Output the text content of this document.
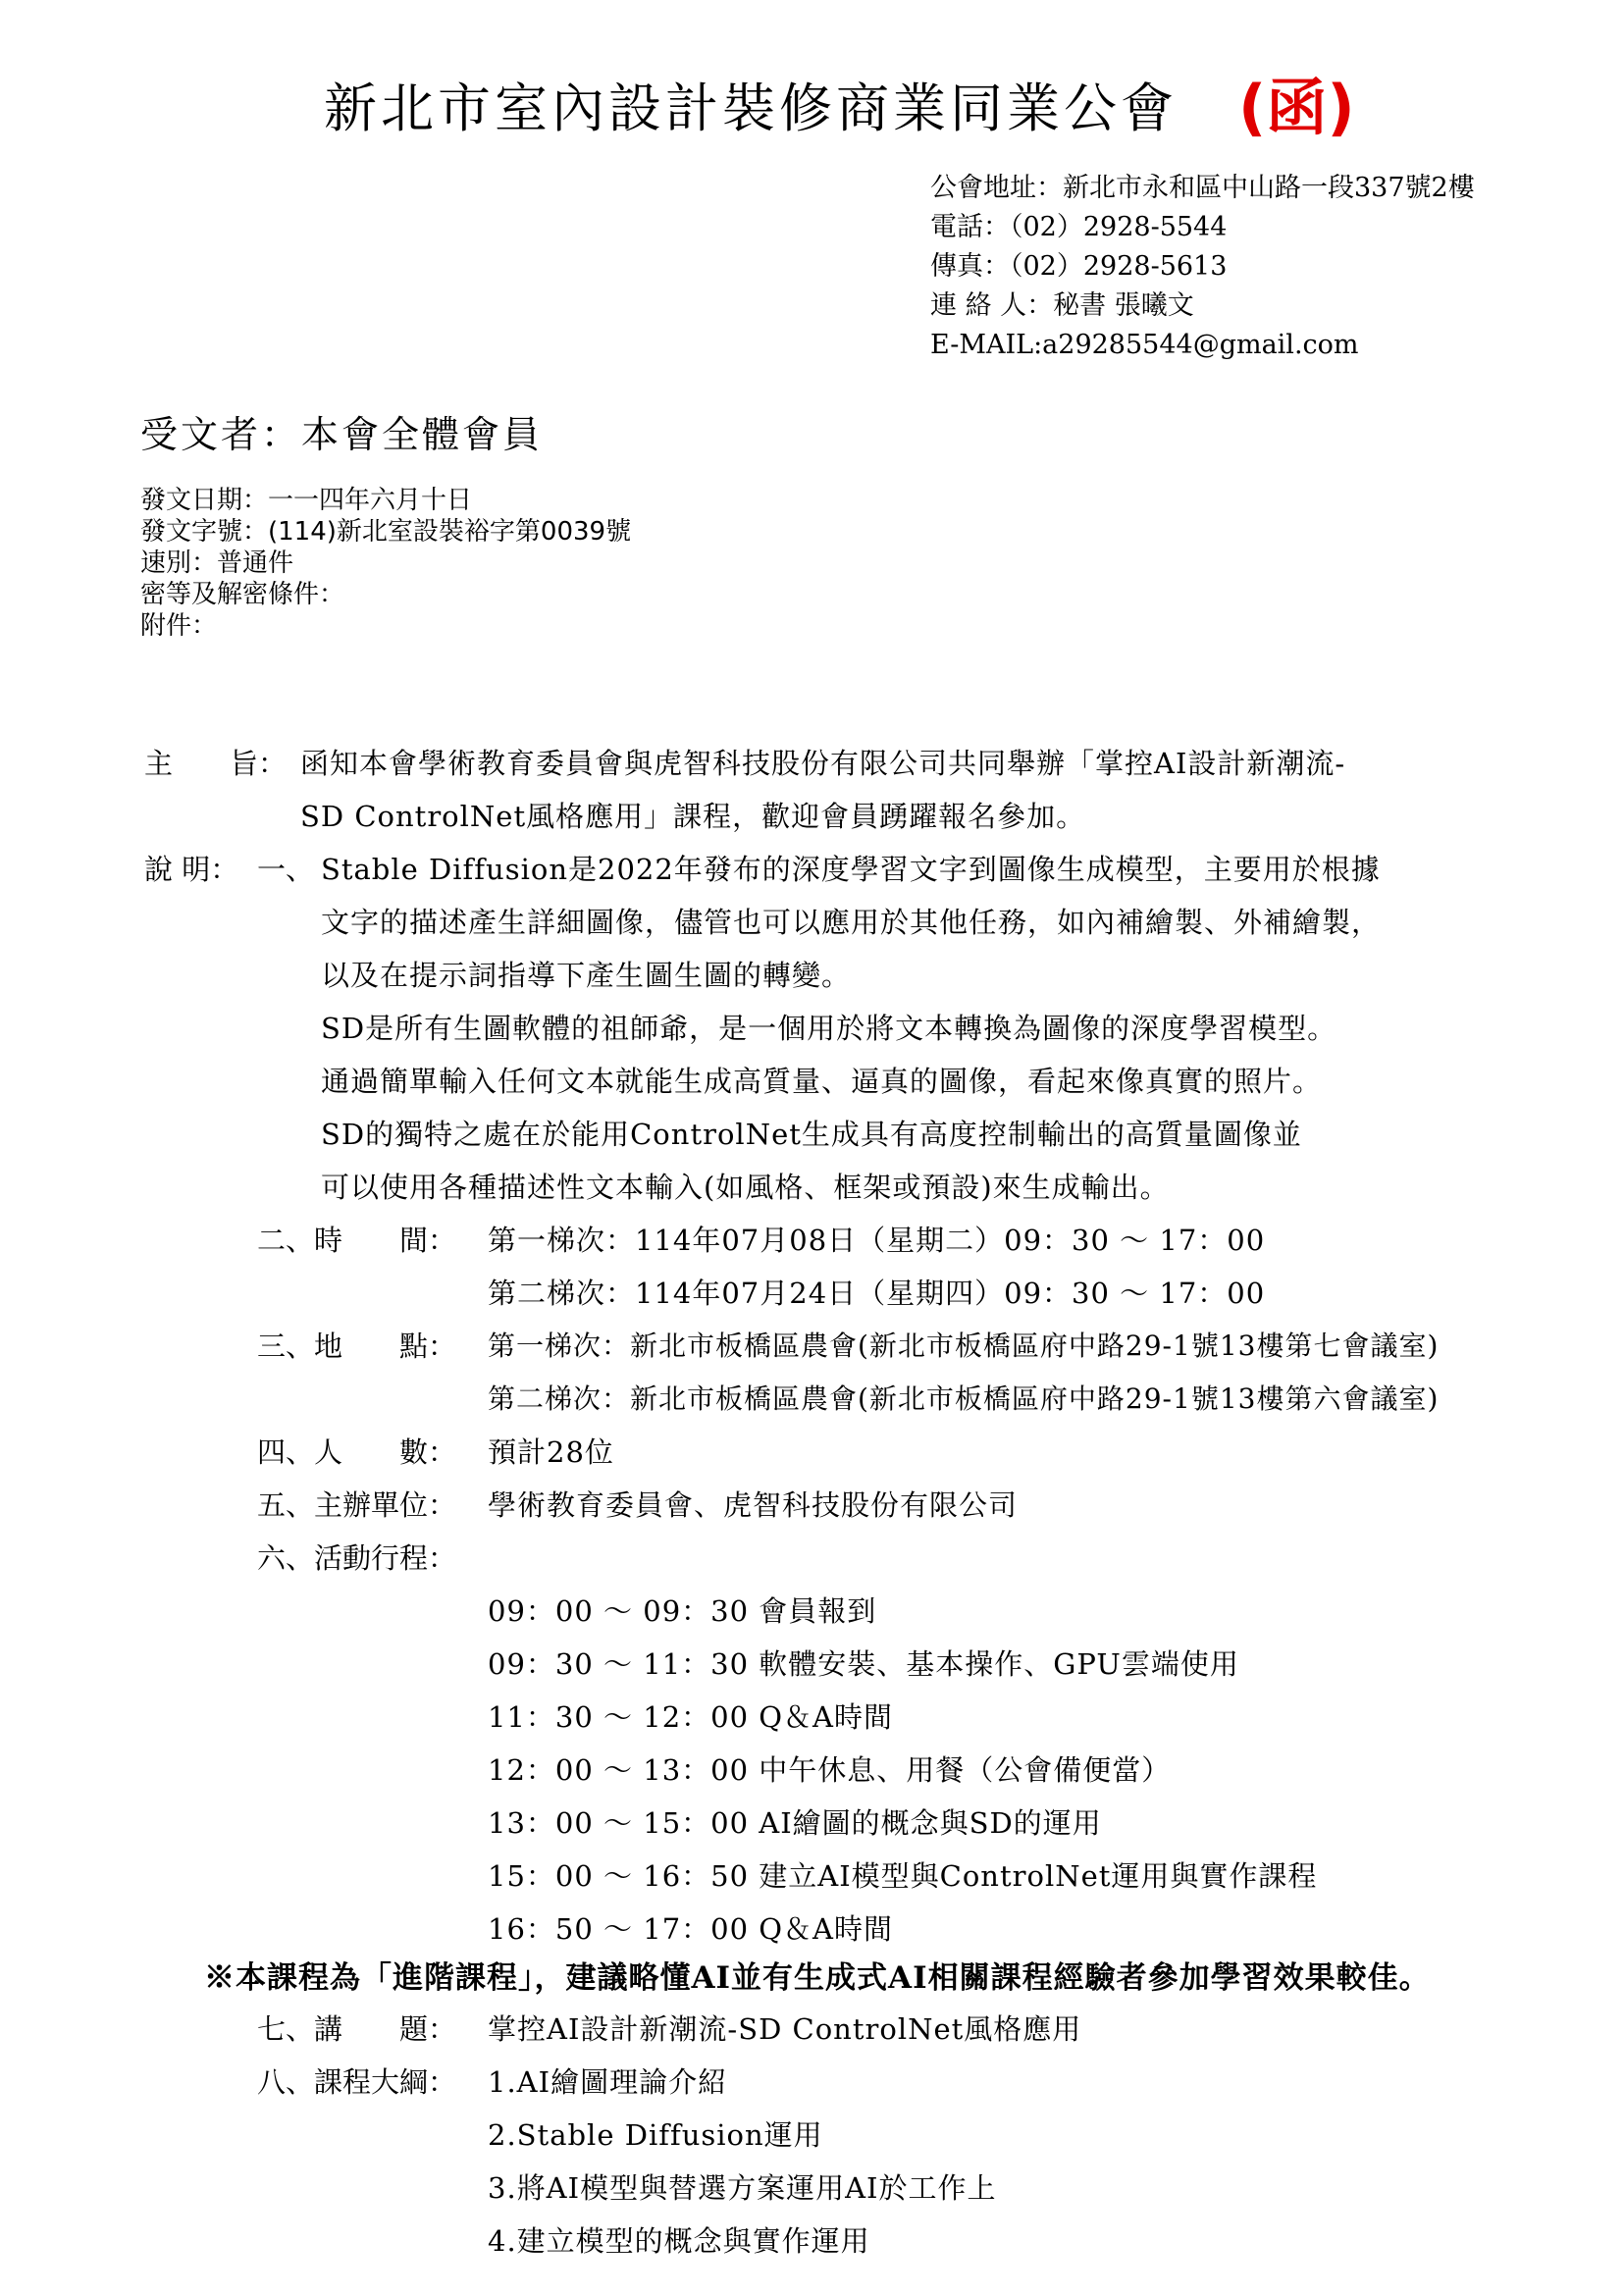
新北市室內設計裝修商業同業公會 (函)
公會地址：新北市永和區中山路一段337號2樓
電話：（02）2928-5544
傳真：（02）2928-5613
連 絡 人：秘書 張曦文
E-MAIL:a29285544@gmail.com
受文者：本會全體會員
發文日期：一一四年六月十日
發文字號：(114)新北室設裝裕字第0039號
速別：普通件
密等及解密條件：
附件：
主　　旨： 函知本會學術教育委員會與虎智科技股份有限公司共同舉辦「掌控AI設計新潮流-
SD ControlNet風格應用」課程，歡迎會員踴躍報名參加。
說 明： 一、 Stable Diffusion是2022年發布的深度學習文字到圖像生成模型，主要用於根據
文字的描述產生詳細圖像，儘管也可以應用於其他任務，如內補繪製、外補繪製，
以及在提示詞指導下產生圖生圖的轉變。
SD是所有生圖軟體的祖師爺，是一個用於將文本轉換為圖像的深度學習模型。
通過簡單輸入任何文本就能生成高質量、逼真的圖像，看起來像真實的照片。
SD的獨特之處在於能用ControlNet生成具有高度控制輸出的高質量圖像並
可以使用各種描述性文本輸入(如風格、框架或預設)來生成輸出。
二、時　　間： 第一梯次：114年07月08日（星期二）09：30 ～ 17：00
第二梯次：114年07月24日（星期四）09：30 ～ 17：00
三、地　　點： 第一梯次：新北市板橋區農會(新北市板橋區府中路29-1號13樓第七會議室)
第二梯次：新北市板橋區農會(新北市板橋區府中路29-1號13樓第六會議室)
四、人　　數： 預計28位
五、主辦單位： 學術教育委員會、虎智科技股份有限公司
六、活動行程：
09：00 ～ 09：30 會員報到
09：30 ～ 11：30 軟體安裝、基本操作、GPU雲端使用
11：30 ～ 12：00 Q＆A時間
12：00 ～ 13：00 中午休息、用餐（公會備便當）
13：00 ～ 15：00 AI繪圖的概念與SD的運用
15：00 ～ 16：50 建立AI模型與ControlNet運用與實作課程
16：50 ～ 17：00 Q＆A時間
※本課程為「進階課程」，建議略懂AI並有生成式AI相關課程經驗者參加學習效果較佳。
七、講　　題： 掌控AI設計新潮流-SD ControlNet風格應用
八、課程大綱： 1.AI繪圖理論介紹
2.Stable Diffusion運用
3.將AI模型與替選方案運用AI於工作上
4.建立模型的概念與實作運用
